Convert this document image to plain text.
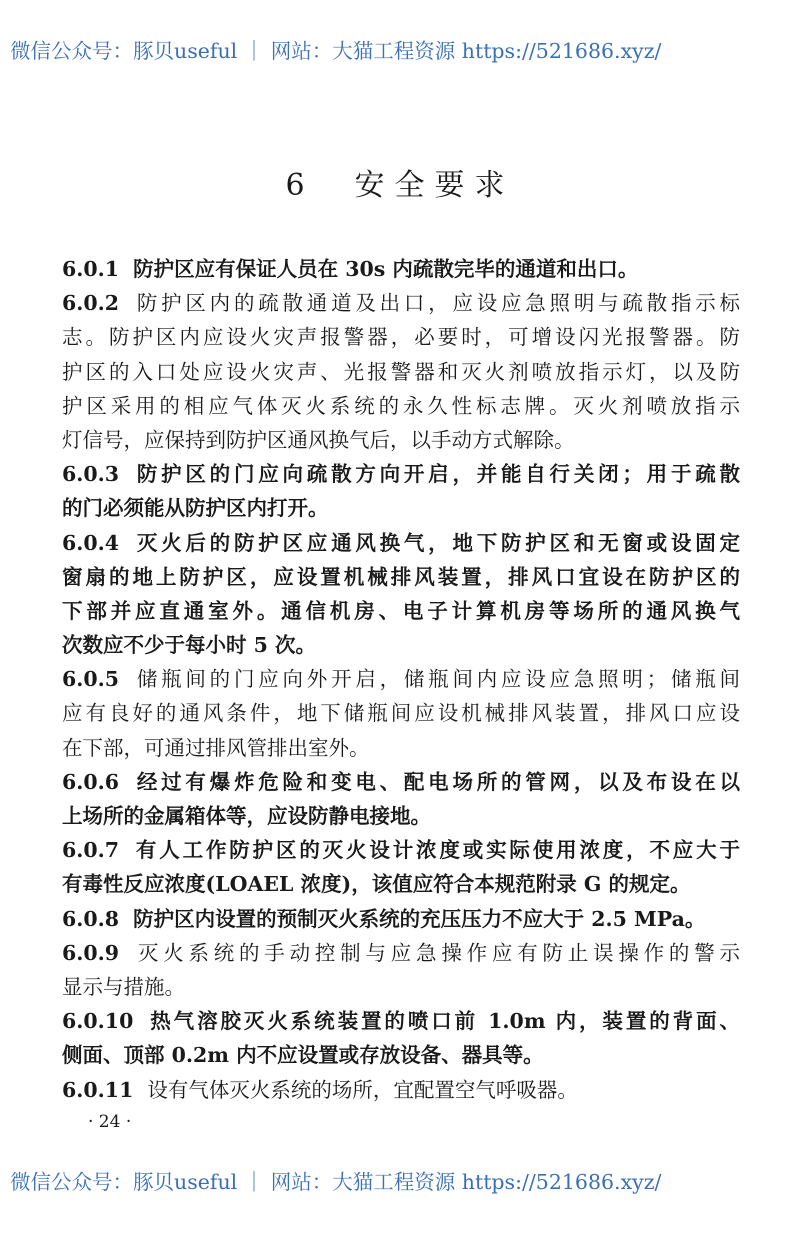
微信公众号：豚贝useful ｜ 网站：大猫工程资源 https://521686.xyz/
6　安全要求
6.0.1 防护区应有保证人员在 30s 内疏散完毕的通道和出口。
6.0.2 防护区内的疏散通道及出口，应设应急照明与疏散指示标
志。防护区内应设火灾声报警器，必要时，可增设闪光报警器。防
护区的入口处应设火灾声、光报警器和灭火剂喷放指示灯，以及防
护区采用的相应气体灭火系统的永久性标志牌。灭火剂喷放指示
灯信号，应保持到防护区通风换气后，以手动方式解除。
6.0.3 防护区的门应向疏散方向开启，并能自行关闭；用于疏散
的门必须能从防护区内打开。
6.0.4 灭火后的防护区应通风换气，地下防护区和无窗或设固定
窗扇的地上防护区，应设置机械排风装置，排风口宜设在防护区的
下部并应直通室外。通信机房、电子计算机房等场所的通风换气
次数应不少于每小时 5 次。
6.0.5 储瓶间的门应向外开启，储瓶间内应设应急照明；储瓶间
应有良好的通风条件，地下储瓶间应设机械排风装置，排风口应设
在下部，可通过排风管排出室外。
6.0.6 经过有爆炸危险和变电、配电场所的管网，以及布设在以
上场所的金属箱体等，应设防静电接地。
6.0.7 有人工作防护区的灭火设计浓度或实际使用浓度，不应大于
有毒性反应浓度(LOAEL 浓度)，该值应符合本规范附录 G 的规定。
6.0.8 防护区内设置的预制灭火系统的充压压力不应大于 2.5 MPa。
6.0.9 灭火系统的手动控制与应急操作应有防止误操作的警示
显示与措施。
6.0.10 热气溶胶灭火系统装置的喷口前 1.0m 内，装置的背面、
侧面、顶部 0.2m 内不应设置或存放设备、器具等。
6.0.11 设有气体灭火系统的场所，宜配置空气呼吸器。
· 24 ·
微信公众号：豚贝useful ｜ 网站：大猫工程资源 https://521686.xyz/
